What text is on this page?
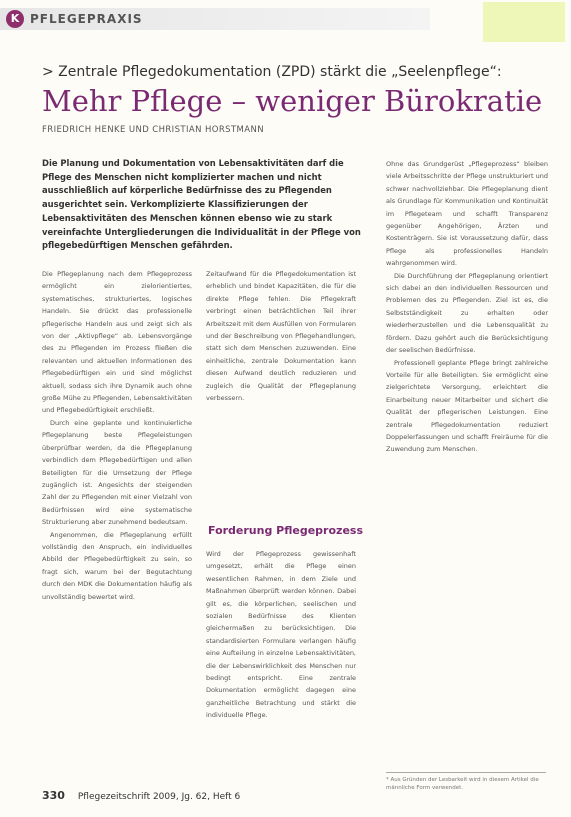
K PFLEGEPRAXIS
> Zentrale Pflegedokumentation (ZPD) stärkt die „Seelenpflege“:
Mehr Pflege – weniger Bürokratie
FRIEDRICH HENKE UND CHRISTIAN HORSTMANN

Die Planung und Dokumentation von Lebensaktivitäten darf die Pflege des Menschen nicht komplizierter machen und nicht ausschließlich auf körperliche Bedürfnisse des zu Pflegenden ausgerichtet sein. Verkomplizierte Klassifizierungen der Lebensaktivitäten des Menschen können ebenso wie zu stark vereinfachte Untergliederungen die Individualität in der Pflege von pflegebedürftigen Menschen gefährden.

Die Pflegeplanung nach dem Pflegeprozess ermöglicht ein zielorientiertes, systematisches, strukturiertes, logisches Handeln. Sie drückt das professionelle pflegerische Handeln aus und zeigt sich als von der „Aktivpflege“ ab. Lebensvorgänge des zu Pflegenden im Prozess fließen die relevanten und aktuellen Informationen des Pflegebedürftigen ein und sind möglichst aktuell, sodass sich ihre Dynamik auch ohne große Mühe zu Pflegenden, Lebensaktivitäten und Pflegebedürftigkeit erschließt.

Durch eine geplante und kontinuierliche Pflegeplanung beste Pflegeleistungen überprüfbar werden, da die Pflegeplanung verbindlich dem Pflegebedürftigen und allen Beteiligten für die Umsetzung der Pflege zugänglich ist. Angesichts der steigenden Zahl der zu Pflegenden mit einer Vielzahl von Bedürfnissen wird eine systematische Strukturierung aber zunehmend bedeutsam.

Angenommen, die Pflegeplanung erfüllt vollständig den Anspruch, ein individuelles Abbild der Pflegebedürftigkeit zu sein, so fragt sich, warum bei der Begutachtung durch den MDK die Dokumentation häufig als unvollständig bewertet wird.

Zeitaufwand für die Pflegedokumentation ist erheblich und bindet Kapazitäten, die für die direkte Pflege fehlen. Die Pflegekraft verbringt einen beträchtlichen Teil ihrer Arbeitszeit mit dem Ausfüllen von Formularen und der Beschreibung von Pflegehandlungen, statt sich dem Menschen zuzuwenden. Eine einheitliche, zentrale Dokumentation kann diesen Aufwand deutlich reduzieren und zugleich die Qualität der Pflegeplanung verbessern.

Forderung Pflegeprozess

Wird der Pflegeprozess gewissenhaft umgesetzt, erhält die Pflege einen wesentlichen Rahmen, in dem Ziele und Maßnahmen überprüft werden können. Dabei gilt es, die körperlichen, seelischen und sozialen Bedürfnisse des Klienten gleichermaßen zu berücksichtigen. Die standardisierten Formulare verlangen häufig eine Aufteilung in einzelne Lebensaktivitäten, die der Lebenswirklichkeit des Menschen nur bedingt entspricht. Eine zentrale Dokumentation ermöglicht dagegen eine ganzheitliche Betrachtung und stärkt die individuelle Pflege.

Ohne das Grundgerüst „Pflegeprozess“ bleiben viele Arbeitsschritte der Pflege unstrukturiert und schwer nachvollziehbar. Die Pflegeplanung dient als Grundlage für Kommunikation und Kontinuität im Pflegeteam und schafft Transparenz gegenüber Angehörigen, Ärzten und Kostenträgern. Sie ist Voraussetzung dafür, dass Pflege als professionelles Handeln wahrgenommen wird.

Die Durchführung der Pflegeplanung orientiert sich dabei an den individuellen Ressourcen und Problemen des zu Pflegenden. Ziel ist es, die Selbstständigkeit zu erhalten oder wiederherzustellen und die Lebensqualität zu fördern. Dazu gehört auch die Berücksichtigung der seelischen Bedürfnisse.

Professionell geplante Pflege bringt zahlreiche Vorteile für alle Beteiligten. Sie ermöglicht eine zielgerichtete Versorgung, erleichtert die Einarbeitung neuer Mitarbeiter und sichert die Qualität der pflegerischen Leistungen. Eine zentrale Pflegedokumentation reduziert Doppelerfassungen und schafft Freiräume für die Zuwendung zum Menschen.

* Aus Gründen der Lesbarkeit wird in diesem Artikel die männliche Form verwendet.
330 Pflegezeitschrift 2009, Jg. 62, Heft 6
